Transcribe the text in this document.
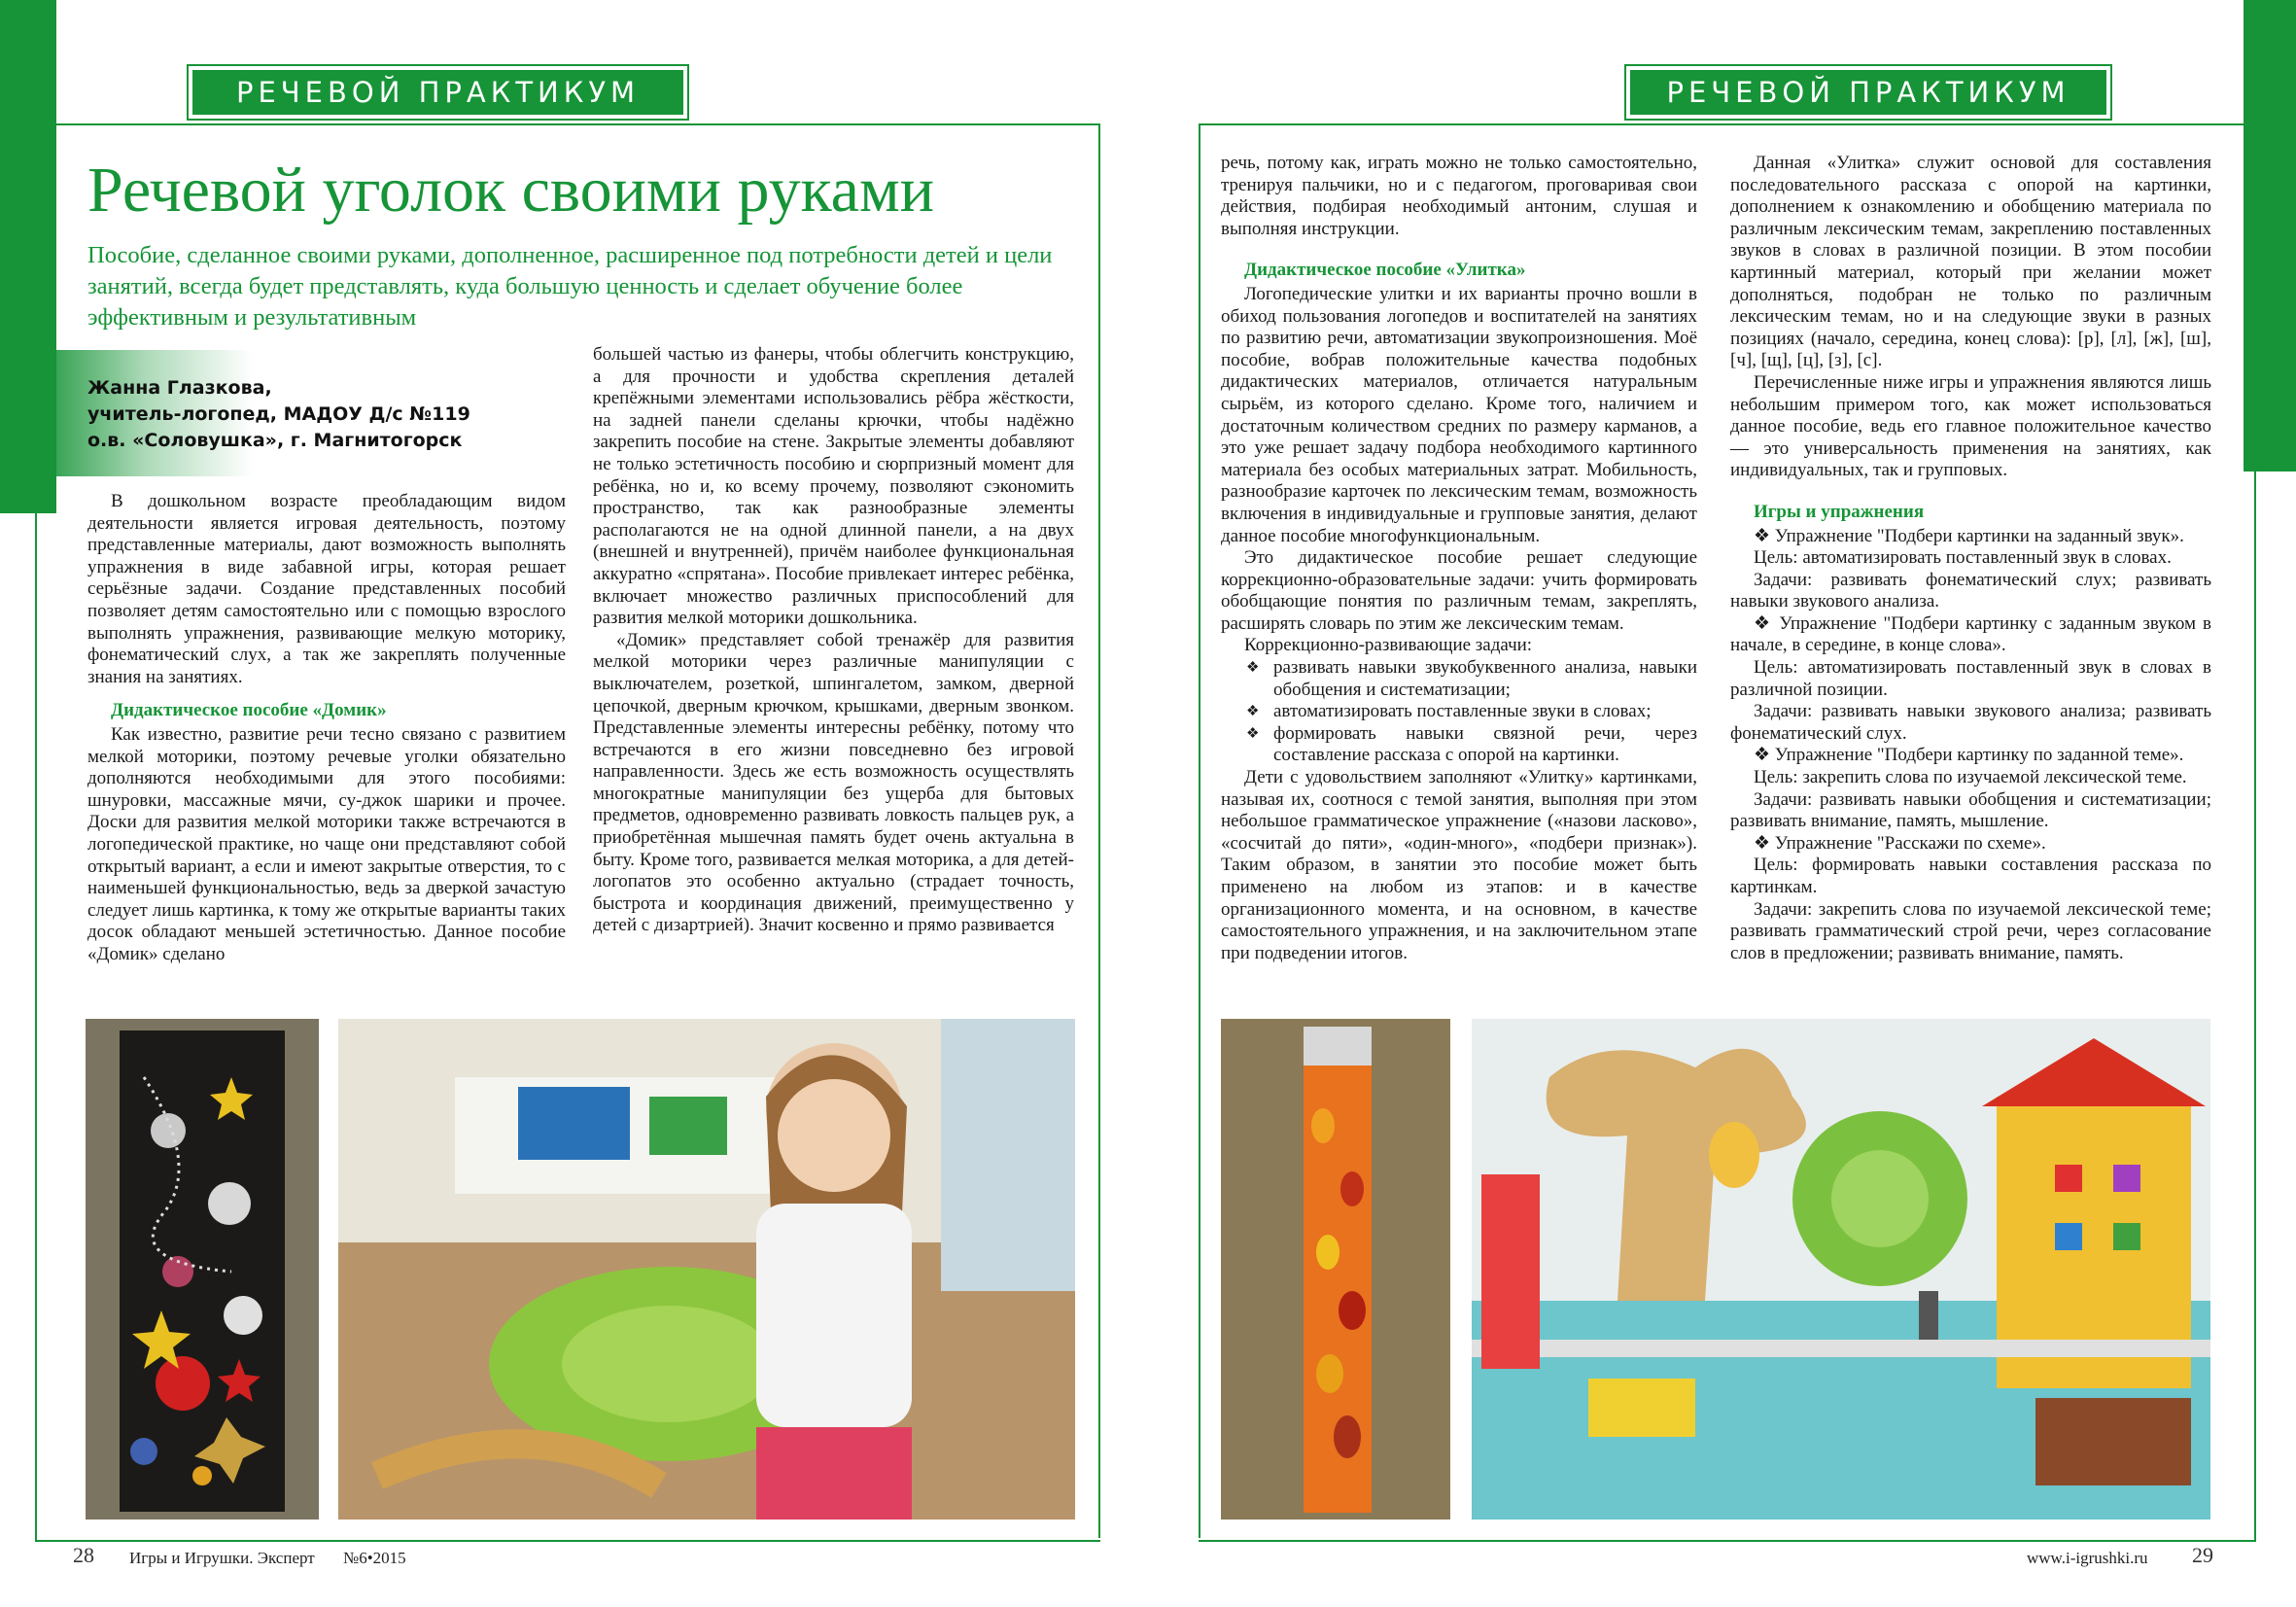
РЕЧЕВОЙ ПРАКТИКУМ	РЕЧЕВОЙ ПРАКТИКУМ
Речевой уголок своими руками
Пособие, сделанное своими руками, дополненное, расширенное под потребности детей и цели занятий, всегда будет представлять, куда большую ценность и сделает обучение более эффективным и результативным
Жанна Глазкова,
учитель-логопед, МАДОУ Д/с №119
о.в. «Соловушка», г. Магнитогорск

В дошкольном возрасте преобладающим видом деятельности является игровая деятельность, поэтому представленные материалы, дают возможность выполнять упражнения в виде забавной игры, которая решает серьёзные задачи. Создание представленных пособий позволяет детям самостоятельно или с помощью взрослого выполнять упражнения, развивающие мелкую моторику, фонематический слух, а так же закреплять полученные знания на занятиях.

Дидактическое пособие «Домик»

Как известно, развитие речи тесно связано с развитием мелкой моторики, поэтому речевые уголки обязательно дополняются необходимыми для этого пособиями: шнуровки, массажные мячи, су-джок шарики и прочее. Доски для развития мелкой моторики также встречаются в логопедической практике, но чаще они представляют собой открытый вариант, а если и имеют закрытые отверстия, то с наименьшей функциональностью, ведь за дверкой зачастую следует лишь картинка, к тому же открытые варианты таких досок обладают меньшей эстетичностью. Данное пособие «Домик» сделано

большей частью из фанеры, чтобы облегчить конструкцию, а для прочности и удобства скрепления деталей крепёжными элементами использовались рёбра жёсткости, на задней панели сделаны крючки, чтобы надёжно закрепить пособие на стене. Закрытые элементы добавляют не только эстетичность пособию и сюрпризный момент для ребёнка, но и, ко всему прочему, позволяют сэкономить пространство, так как разнообразные элементы располагаются не на одной длинной панели, а на двух (внешней и внутренней), причём наиболее функциональная аккуратно «спрятана». Пособие привлекает интерес ребёнка, включает множество различных приспособлений для развития мелкой моторики дошкольника.

«Домик» представляет собой тренажёр для развития мелкой моторики через различные манипуляции с выключателем, розеткой, шпингалетом, замком, дверной цепочкой, дверным крючком, крышками, дверным звонком. Представленные элементы интересны ребёнку, потому что встречаются в его жизни повседневно без игровой направленности. Здесь же есть возможность осуществлять многократные манипуляции без ущерба для бытовых предметов, одновременно развивать ловкость пальцев рук, а приобретённая мышечная память будет очень актуальна в быту. Кроме того, развивается мелкая моторика, а для детей-логопатов это особенно актуально (страдает точность, быстрота и координация движений, преимущественно у детей с дизартрией). Значит косвенно и прямо развивается

речь, потому как, играть можно не только самостоятельно, тренируя пальчики, но и с педагогом, проговаривая свои действия, подбирая необходимый антоним, слушая и выполняя инструкции.

Дидактическое пособие «Улитка»

Логопедические улитки и их варианты прочно вошли в обиход пользования логопедов и воспитателей на занятиях по развитию речи, автоматизации звукопроизношения. Моё пособие, вобрав положительные качества подобных дидактических материалов, отличается натуральным сырьём, из которого сделано. Кроме того, наличием и достаточным количеством средних по размеру карманов, а это уже решает задачу подбора необходимого картинного материала без особых материальных затрат. Мобильность, разнообразие карточек по лексическим темам, возможность включения в индивидуальные и групповые занятия, делают данное пособие многофункциональным.

Это дидактическое пособие решает следующие коррекционно-образовательные задачи: учить формировать обобщающие понятия по различным темам, закреплять, расширять словарь по этим же лексическим темам.

Коррекционно-развивающие задачи:

❖ развивать навыки звукобуквенного анализа, навыки обобщения и систематизации;
❖ автоматизировать поставленные звуки в словах;
❖ формировать навыки связной речи, через составление рассказа с опорой на картинки.

Дети с удовольствием заполняют «Улитку» картинками, называя их, соотнося с темой занятия, выполняя при этом небольшое грамматическое упражнение («назови ласково», «сосчитай до пяти», «один-много», «подбери признак»). Таким образом, в занятии это пособие может быть применено на любом из этапов: и в качестве организационного момента, и на основном, в качестве самостоятельного упражнения, и на заключительном этапе при подведении итогов.

Данная «Улитка» служит основой для составления последовательного рассказа с опорой на картинки, дополнением к ознакомлению и обобщению материала по различным лексическим темам, закреплению поставленных звуков в словах в различной позиции. В этом пособии картинный материал, который при желании может дополняться, подобран не только по различным лексическим темам, но и на следующие звуки в разных позициях (начало, середина, конец слова): [р], [л], [ж], [ш], [ч], [щ], [ц], [з], [с].

Перечисленные ниже игры и упражнения являются лишь небольшим примером того, как может использоваться данное пособие, ведь его главное положительное качество — это универсальность применения на занятиях, как индивидуальных, так и групповых.

Игры и упражнения

❖ Упражнение "Подбери картинки на заданный звук».

Цель: автоматизировать поставленный звук в словах.

Задачи: развивать фонематический слух; развивать навыки звукового анализа.

❖ Упражнение "Подбери картинку с заданным звуком в начале, в середине, в конце слова».

Цель: автоматизировать поставленный звук в словах в различной позиции.

Задачи: развивать навыки звукового анализа; развивать фонематический слух.

❖ Упражнение "Подбери картинку по заданной теме».

Цель: закрепить слова по изучаемой лексической теме.

Задачи: развивать навыки обобщения и систематизации; развивать внимание, память, мышление.

❖ Упражнение "Расскажи по схеме».

Цель: формировать навыки составления рассказа по картинкам.

Задачи: закрепить слова по изучаемой лексической теме; развивать грамматический строй речи, через согласование слов в предложении; развивать внимание, память.

28 Игры и Игрушки. Эксперт №6•2015	www.i-igrushki.ru 29
